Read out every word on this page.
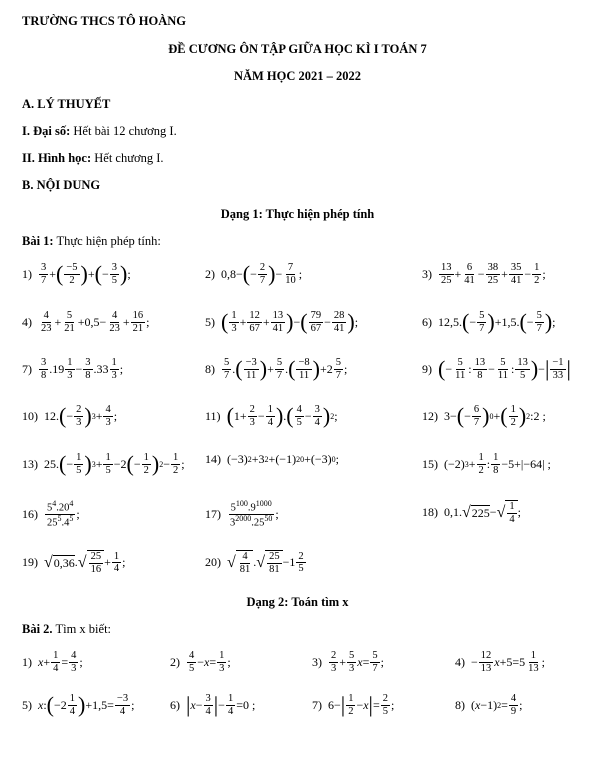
TRƯỜNG THCS TÔ HOÀNG
ĐỀ CƯƠNG ÔN TẬP GIỮA HỌC KÌ I TOÁN 7
NĂM HỌC 2021 – 2022
A. LÝ THUYẾT
I. Đại số: Hết bài 12 chương I.
II. Hình học: Hết chương I.
B. NỘI DUNG
Dạng 1: Thực hiện phép tính
Bài 1: Thực hiện phép tính:
$1) \frac{3}{7}$ + ( $\frac{-5}{2}$ ) + ( − $\frac{3}{5}$ ) ;	2) 0,8− ( − $\frac{2}{7}$ ) − $\frac{7}{10}$ ;	$3) \frac{13}{25} + \frac{6}{41} - \frac{38}{25} + \frac{35}{41} - \frac{1}{2}$ ;
$4) \frac{4}{23} + \frac{5}{21} +0,5- \frac{4}{23} + \frac{16}{21}$ ;	5) ( $\frac{1}{3} + \frac{12}{67} + \frac{13}{41}$ ) − ( $\frac{79}{67} - \frac{28}{41}$ ) ;	6) 12,5. ( − $\frac{5}{7}$ ) +1,5. ( − $\frac{5}{7}$ ) ;
$7) \frac{3}{8} .19 \frac{1}{3} - \frac{3}{8} .33 \frac{1}{3}$ ;	$8) \frac{5}{7}$ . ( $\frac{-3}{11}$ ) + $\frac{5}{7}$ . ( $\frac{-8}{11}$ ) $+2 \frac{5}{7}$ ;	9) ( − $\frac{5}{11}$ : $\frac{13}{8} - \frac{5}{11}$ : $\frac{13}{5}$ ) − | $\frac{-1}{33}$ |
10) 12. ( − $\frac{2}{3}$ ) $3 + \frac{4}{3}$ ;	11) ( $1+ \frac{2}{3} - \frac{1}{4}$ ) . ( $\frac{4}{5} - \frac{3}{4}$ ) 2 ;	12) 3− ( − $\frac{6}{7}$ ) 0 + ( $\frac{1}{2}$ ) 2 :2 ;
13) 25. ( − $\frac{1}{5}$ ) $3 + \frac{1}{5} -2$ ( − $\frac{1}{2}$ ) $2 - \frac{1}{2}$ ; 14) (−3) 2 +3 2 +(−1) 20 +(−3) 0 ;	15) (−2) $3 + \frac{1}{2}$ : $\frac{1}{8} -5+|-64|$ ;
$16) \frac{5^4.20^4}{25^5.4^5}$ ;	$17) \frac{5^{100}.9^{1000}}{3^{2000}.25^{50}}$ ;	18) 0,1. √ 225 − √ $\frac{1}{4}$ ;
19) √ 0,36 . √ $\frac{25}{16} + \frac{1}{4}$ ;	20) √ $\frac{4}{81}$ . √ $\frac{25}{81} -1 \frac{2}{5}$
Dạng 2: Toán tìm x
Bài 2. Tìm x biết:
1) $x + \frac{1}{4} = \frac{4}{3}$ ;	$2) \frac{4}{5} - x = \frac{1}{3}$ ;	$3) \frac{2}{3} + \frac{5}{3}$ $x = \frac{5}{7}$ ;	$4) - \frac{12}{13}$ $x +5=5 \frac{1}{13}$ ;
5) x : ( $-2 \frac{1}{4}$ ) $+1,5= \frac{-3}{4}$ ;	6) | $x - \frac{3}{4}$ | − $\frac{1}{4} =0$ ;	7) 6− | $\frac{1}{2} - x$ | = $\frac{2}{5}$ ;	8) ( x −1) $2 = \frac{4}{9}$ ;
